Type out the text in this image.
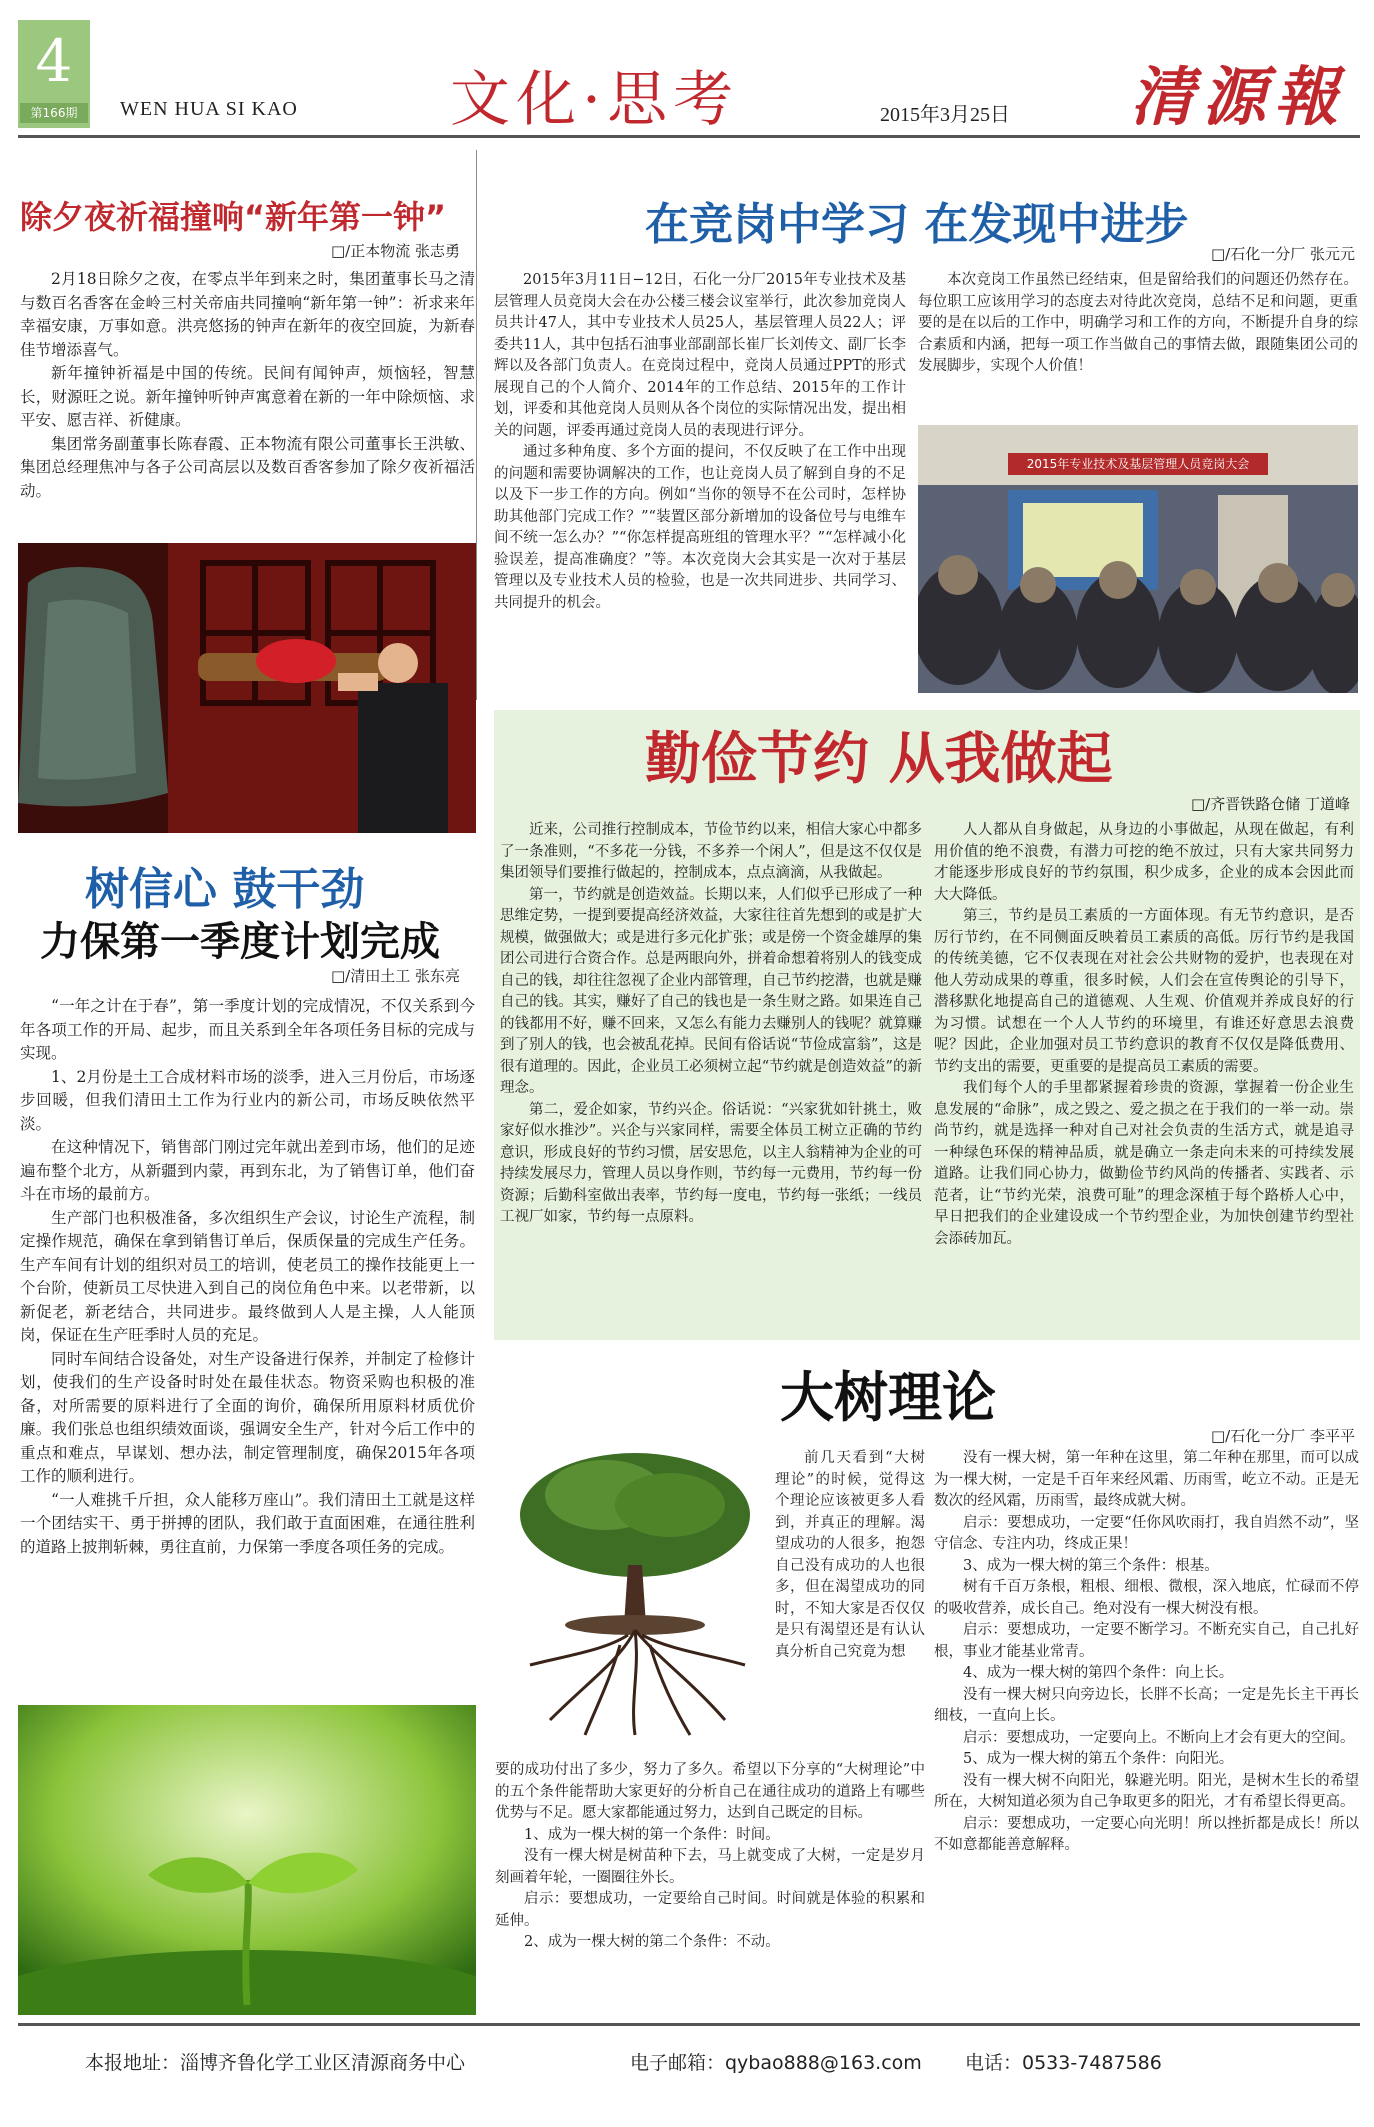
4
第166期	WEN HUA SI KAO	文化·思考	2015年3月25日 清源報
除夕夜祈福撞响“新年第一钟”
□/正本物流 张志勇

2月18日除夕之夜，在零点半年到来之时，集团董事长马之清与数百名香客在金岭三村关帝庙共同撞响“新年第一钟”：祈求来年幸福安康，万事如意。洪亮悠扬的钟声在新年的夜空回旋，为新春佳节增添喜气。

新年撞钟祈福是中国的传统。民间有闻钟声，烦恼轻，智慧长，财源旺之说。新年撞钟听钟声寓意着在新的一年中除烦恼、求平安、愿吉祥、祈健康。

集团常务副董事长陈春霞、正本物流有限公司董事长王洪敏、集团总经理焦冲与各子公司高层以及数百香客参加了除夕夜祈福活动。

树信心 鼓干劲
力保第一季度计划完成
□/清田土工 张东亮

“一年之计在于春”，第一季度计划的完成情况，不仅关系到今年各项工作的开局、起步，而且关系到全年各项任务目标的完成与实现。

1、2月份是土工合成材料市场的淡季，进入三月份后，市场逐步回暖，但我们清田土工作为行业内的新公司，市场反映依然平淡。

在这种情况下，销售部门刚过完年就出差到市场，他们的足迹遍布整个北方，从新疆到内蒙，再到东北，为了销售订单，他们奋斗在市场的最前方。

生产部门也积极准备，多次组织生产会议，讨论生产流程，制定操作规范，确保在拿到销售订单后，保质保量的完成生产任务。生产车间有计划的组织对员工的培训，使老员工的操作技能更上一个台阶，使新员工尽快进入到自己的岗位角色中来。以老带新，以新促老，新老结合，共同进步。最终做到人人是主操，人人能顶岗，保证在生产旺季时人员的充足。

同时车间结合设备处，对生产设备进行保养，并制定了检修计划，使我们的生产设备时时处在最佳状态。物资采购也积极的准备，对所需要的原料进行了全面的询价，确保所用原料材质优价廉。我们张总也组织绩效面谈，强调安全生产，针对今后工作中的重点和难点，早谋划、想办法，制定管理制度，确保2015年各项工作的顺利进行。

“一人难挑千斤担，众人能移万座山”。我们清田土工就是这样一个团结实干、勇于拼搏的团队，我们敢于直面困难，在通往胜利的道路上披荆斩棘，勇往直前，力保第一季度各项任务的完成。

在竞岗中学习 在发现中进步
□/石化一分厂 张元元

2015年3月11日−12日，石化一分厂2015年专业技术及基层管理人员竞岗大会在办公楼三楼会议室举行，此次参加竞岗人员共计47人，其中专业技术人员25人，基层管理人员22人；评委共11人，其中包括石油事业部副部长崔厂长刘传文、副厂长李辉以及各部门负责人。在竞岗过程中，竞岗人员通过PPT的形式展现自己的个人简介、2014年的工作总结、2015年的工作计划，评委和其他竞岗人员则从各个岗位的实际情况出发，提出相关的问题，评委再通过竞岗人员的表现进行评分。

通过多种角度、多个方面的提问，不仅反映了在工作中出现的问题和需要协调解决的工作，也让竞岗人员了解到自身的不足以及下一步工作的方向。例如“当你的领导不在公司时，怎样协助其他部门完成工作？”“装置区部分新增加的设备位号与电维车间不统一怎么办？”“你怎样提高班组的管理水平？”“怎样减小化验误差，提高准确度？”等。本次竞岗大会其实是一次对于基层管理以及专业技术人员的检验，也是一次共同进步、共同学习、共同提升的机会。

本次竞岗工作虽然已经结束，但是留给我们的问题还仍然存在。每位职工应该用学习的态度去对待此次竞岗，总结不足和问题，更重要的是在以后的工作中，明确学习和工作的方向，不断提升自身的综合素质和内涵，把每一项工作当做自己的事情去做，跟随集团公司的发展脚步，实现个人价值！

2015年专业技术及基层管理人员竞岗大会
勤俭节约 从我做起
□/齐晋铁路仓储 丁道峰

近来，公司推行控制成本，节俭节约以来，相信大家心中都多了一条准则，“不多花一分钱，不多养一个闲人”，但是这不仅仅是集团领导们要推行做起的，控制成本，点点滴滴，从我做起。

第一，节约就是创造效益。长期以来，人们似乎已形成了一种思维定势，一提到要提高经济效益，大家往往首先想到的或是扩大规模，做强做大；或是进行多元化扩张；或是傍一个资金雄厚的集团公司进行合资合作。总是两眼向外，拼着命想着将别人的钱变成自己的钱，却往往忽视了企业内部管理，自己节约挖潜，也就是赚自己的钱。其实，赚好了自己的钱也是一条生财之路。如果连自己的钱都用不好，赚不回来，又怎么有能力去赚别人的钱呢？就算赚到了别人的钱，也会被乱花掉。民间有俗话说“节俭成富翁”，这是很有道理的。因此，企业员工必须树立起“节约就是创造效益”的新理念。

第二，爱企如家，节约兴企。俗话说：“兴家犹如针挑土，败家好似水推沙”。兴企与兴家同样，需要全体员工树立正确的节约意识，形成良好的节约习惯，居安思危，以主人翁精神为企业的可持续发展尽力，管理人员以身作则，节约每一元费用，节约每一份资源；后勤科室做出表率，节约每一度电，节约每一张纸；一线员工视厂如家，节约每一点原料。

人人都从自身做起，从身边的小事做起，从现在做起，有利用价值的绝不浪费，有潜力可挖的绝不放过，只有大家共同努力才能逐步形成良好的节约氛围，积少成多，企业的成本会因此而大大降低。

第三，节约是员工素质的一方面体现。有无节约意识，是否厉行节约，在不同侧面反映着员工素质的高低。厉行节约是我国的传统美德，它不仅表现在对社会公共财物的爱护，也表现在对他人劳动成果的尊重，很多时候，人们会在宣传舆论的引导下，潜移默化地提高自己的道德观、人生观、价值观并养成良好的行为习惯。试想在一个人人节约的环境里，有谁还好意思去浪费呢？因此，企业加强对员工节约意识的教育不仅仅是降低费用、节约支出的需要，更重要的是提高员工素质的需要。

我们每个人的手里都紧握着珍贵的资源，掌握着一份企业生息发展的“命脉”，成之毁之、爱之损之在于我们的一举一动。崇尚节约，就是选择一种对自己对社会负责的生活方式，就是追寻一种绿色环保的精神品质，就是确立一条走向未来的可持续发展道路。让我们同心协力，做勤俭节约风尚的传播者、实践者、示范者，让“节约光荣，浪费可耻”的理念深植于每个路桥人心中，早日把我们的企业建设成一个节约型企业，为加快创建节约型社会添砖加瓦。

大树理论
□/石化一分厂 李平平

前几天看到“大树理论”的时候，觉得这个理论应该被更多人看到，并真正的理解。渴望成功的人很多，抱怨自己没有成功的人也很多，但在渴望成功的同时，不知大家是否仅仅是只有渴望还是有认认真分析自己究竟为想

要的成功付出了多少，努力了多久。希望以下分享的“大树理论”中的五个条件能帮助大家更好的分析自己在通往成功的道路上有哪些优势与不足。愿大家都能通过努力，达到自己既定的目标。

1、成为一棵大树的第一个条件：时间。

没有一棵大树是树苗种下去，马上就变成了大树，一定是岁月刻画着年轮，一圈圈往外长。

启示：要想成功，一定要给自己时间。时间就是体验的积累和延伸。

2、成为一棵大树的第二个条件：不动。

没有一棵大树，第一年种在这里，第二年种在那里，而可以成为一棵大树，一定是千百年来经风霜、历雨雪，屹立不动。正是无数次的经风霜，历雨雪，最终成就大树。

启示：要想成功，一定要“任你风吹雨打，我自岿然不动”，坚守信念、专注内功，终成正果！

3、成为一棵大树的第三个条件：根基。

树有千百万条根，粗根、细根、微根，深入地底，忙碌而不停的吸收营养，成长自己。绝对没有一棵大树没有根。

启示：要想成功，一定要不断学习。不断充实自己，自己扎好根，事业才能基业常青。

4、成为一棵大树的第四个条件：向上长。

没有一棵大树只向旁边长，长胖不长高；一定是先长主干再长细枝，一直向上长。

启示：要想成功，一定要向上。不断向上才会有更大的空间。

5、成为一棵大树的第五个条件：向阳光。

没有一棵大树不向阳光，躲避光明。阳光，是树木生长的希望所在，大树知道必须为自己争取更多的阳光，才有希望长得更高。

启示：要想成功，一定要心向光明！所以挫折都是成长！所以不如意都能善意解释。

本报地址：淄博齐鲁化学工业区清源商务中心	电子邮箱：qybao888@163.com 电话：0533-7487586
